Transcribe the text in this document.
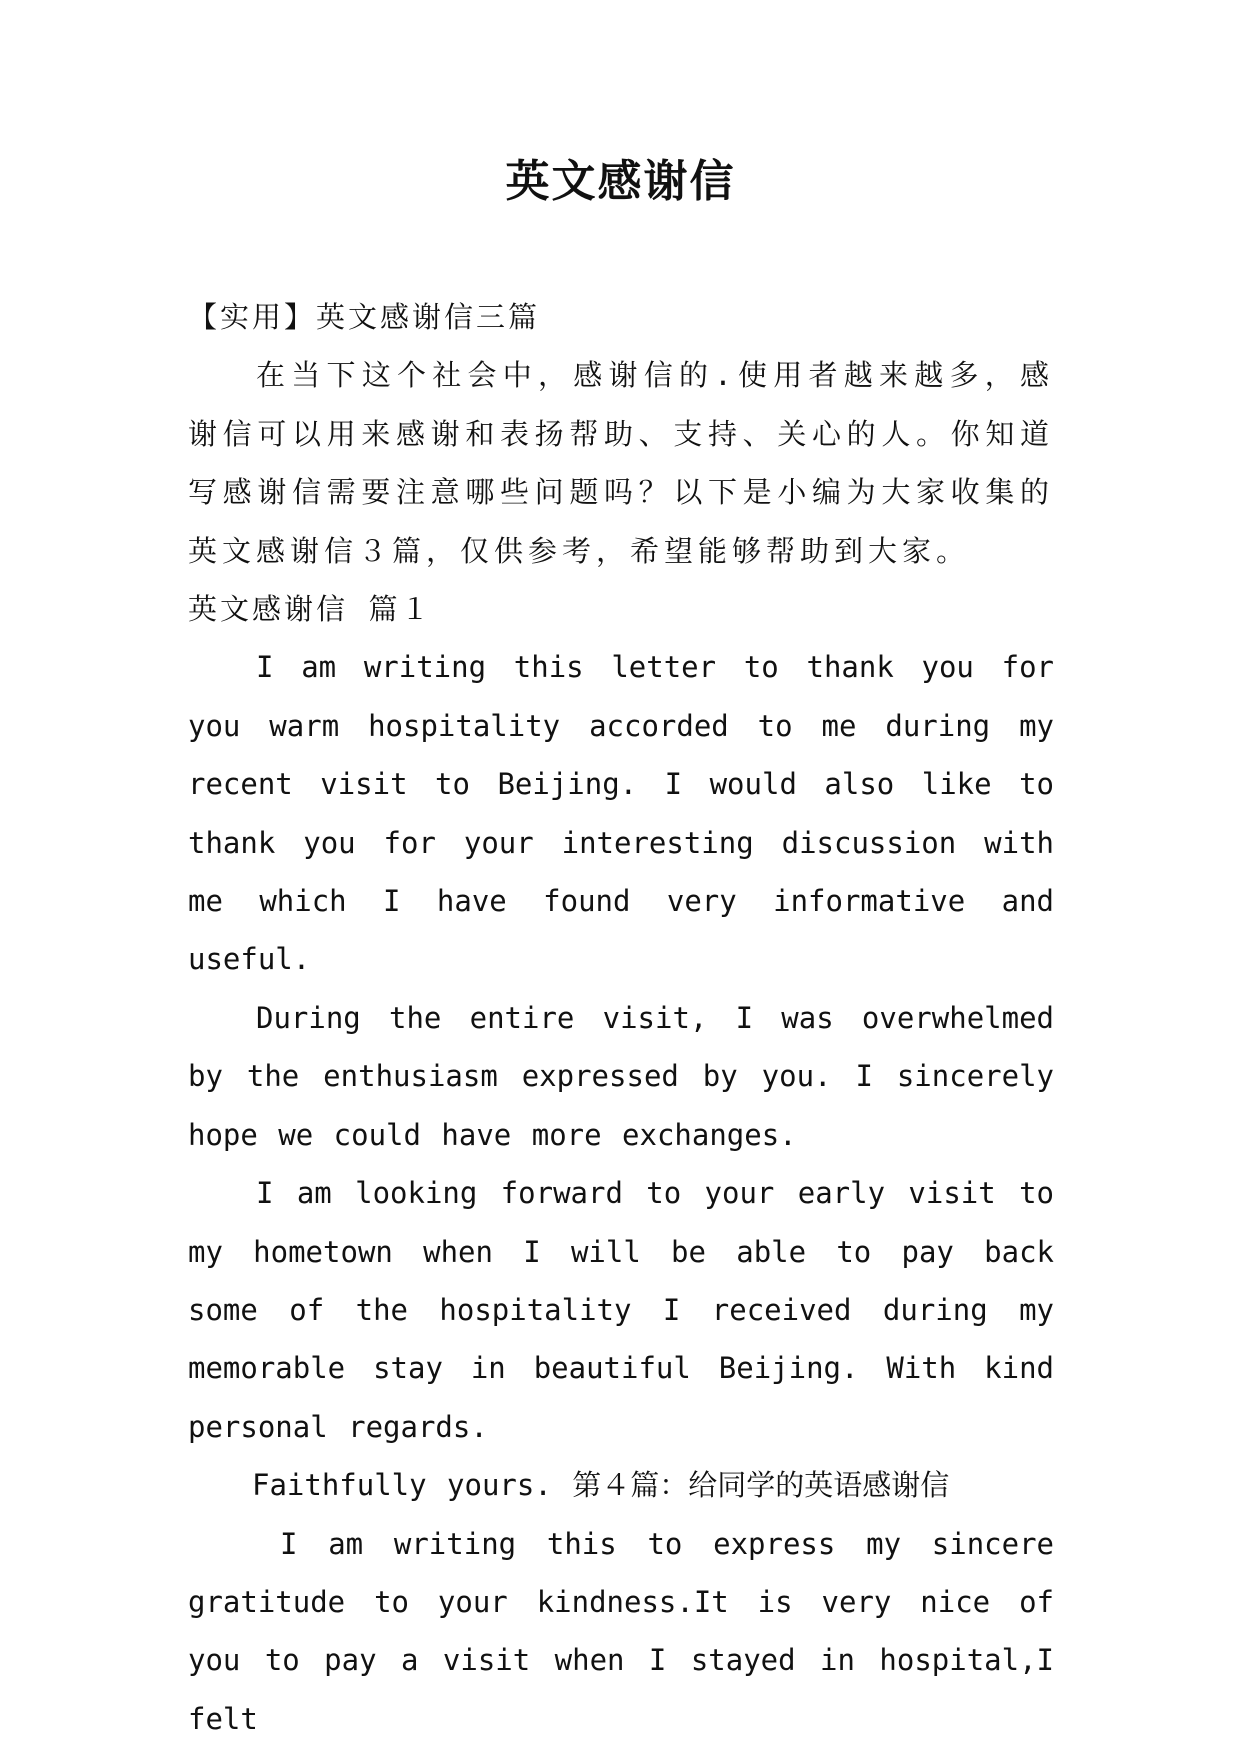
英文感谢信

【实用】英文感谢信三篇

在当下这个社会中，感谢信的.使用者越来越多，感谢信可以用来感谢和表扬帮助、支持、关心的人。你知道写感谢信需要注意哪些问题吗？以下是小编为大家收集的英文感谢信３篇，仅供参考，希望能够帮助到大家。

英文感谢信 篇１

I am writing this letter to thank you for you warm hospitality accorded to me during my recent visit to Beijing. I would also like to thank you for your interesting discussion with me which I have found very informative and useful.

During the entire visit, I was overwhelmed by the enthusiasm expressed by you. I sincerely hope we could have more exchanges.

I am looking forward to your early visit to my hometown when I will be able to pay back some of the hospitality I received during my memorable stay in beautiful Beijing. With kind personal regards.

Faithfully yours. 第４篇：给同学的英语感谢信

I am writing this to express my sincere gratitude to your kindness.It is very nice of you to pay a visit when I stayed in hospital,I felt
